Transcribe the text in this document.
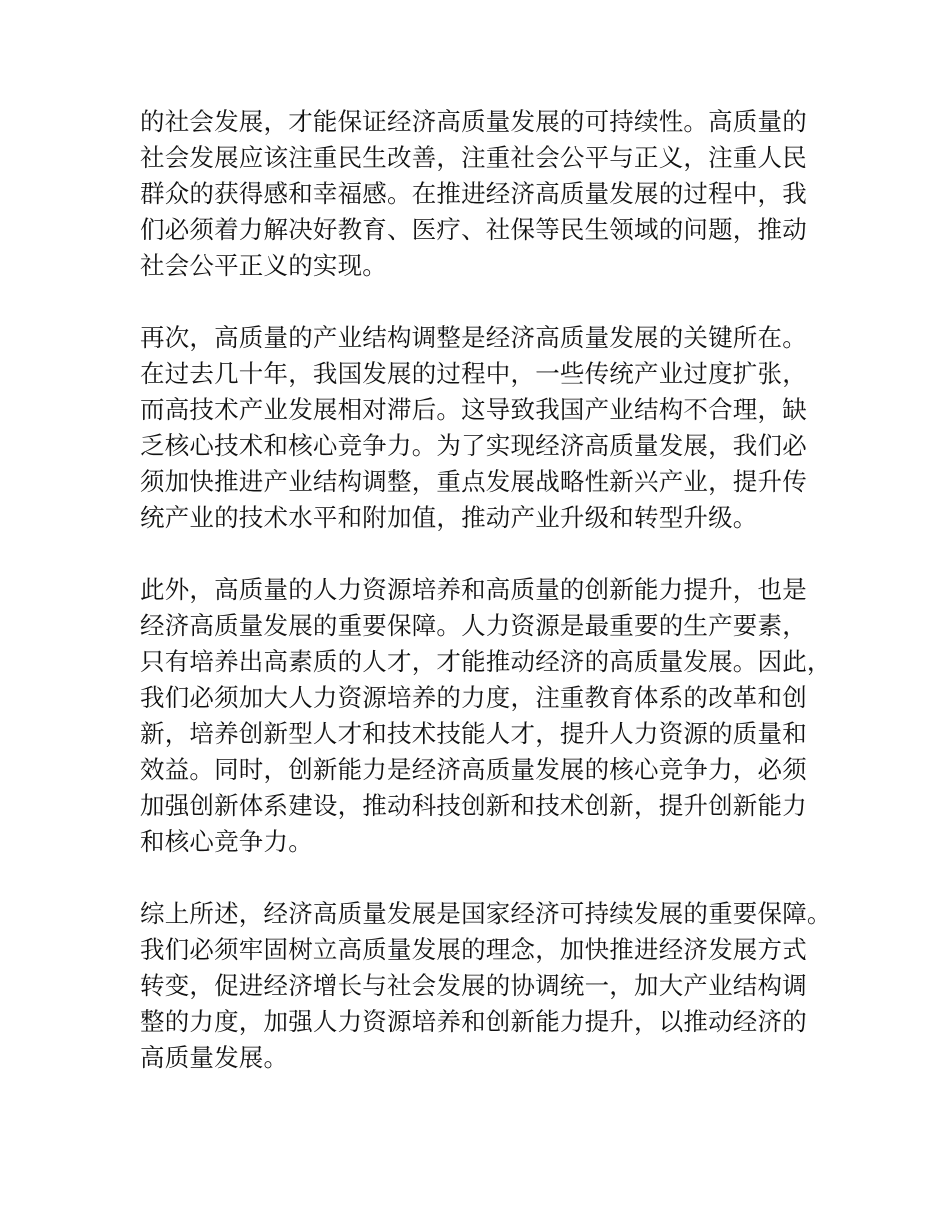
的社会发展，才能保证经济高质量发展的可持续性。高质量的
社会发展应该注重民生改善，注重社会公平与正义，注重人民
群众的获得感和幸福感。在推进经济高质量发展的过程中，我
们必须着力解决好教育、医疗、社保等民生领域的问题，推动
社会公平正义的实现。

再次，高质量的产业结构调整是经济高质量发展的关键所在。
在过去几十年，我国发展的过程中，一些传统产业过度扩张，
而高技术产业发展相对滞后。这导致我国产业结构不合理，缺
乏核心技术和核心竞争力。为了实现经济高质量发展，我们必
须加快推进产业结构调整，重点发展战略性新兴产业，提升传
统产业的技术水平和附加值，推动产业升级和转型升级。

此外，高质量的人力资源培养和高质量的创新能力提升，也是
经济高质量发展的重要保障。人力资源是最重要的生产要素，
只有培养出高素质的人才，才能推动经济的高质量发展。因此，
我们必须加大人力资源培养的力度，注重教育体系的改革和创
新，培养创新型人才和技术技能人才，提升人力资源的质量和
效益。同时，创新能力是经济高质量发展的核心竞争力，必须
加强创新体系建设，推动科技创新和技术创新，提升创新能力
和核心竞争力。

综上所述，经济高质量发展是国家经济可持续发展的重要保障。
我们必须牢固树立高质量发展的理念，加快推进经济发展方式
转变，促进经济增长与社会发展的协调统一，加大产业结构调
整的力度，加强人力资源培养和创新能力提升，以推动经济的
高质量发展。
